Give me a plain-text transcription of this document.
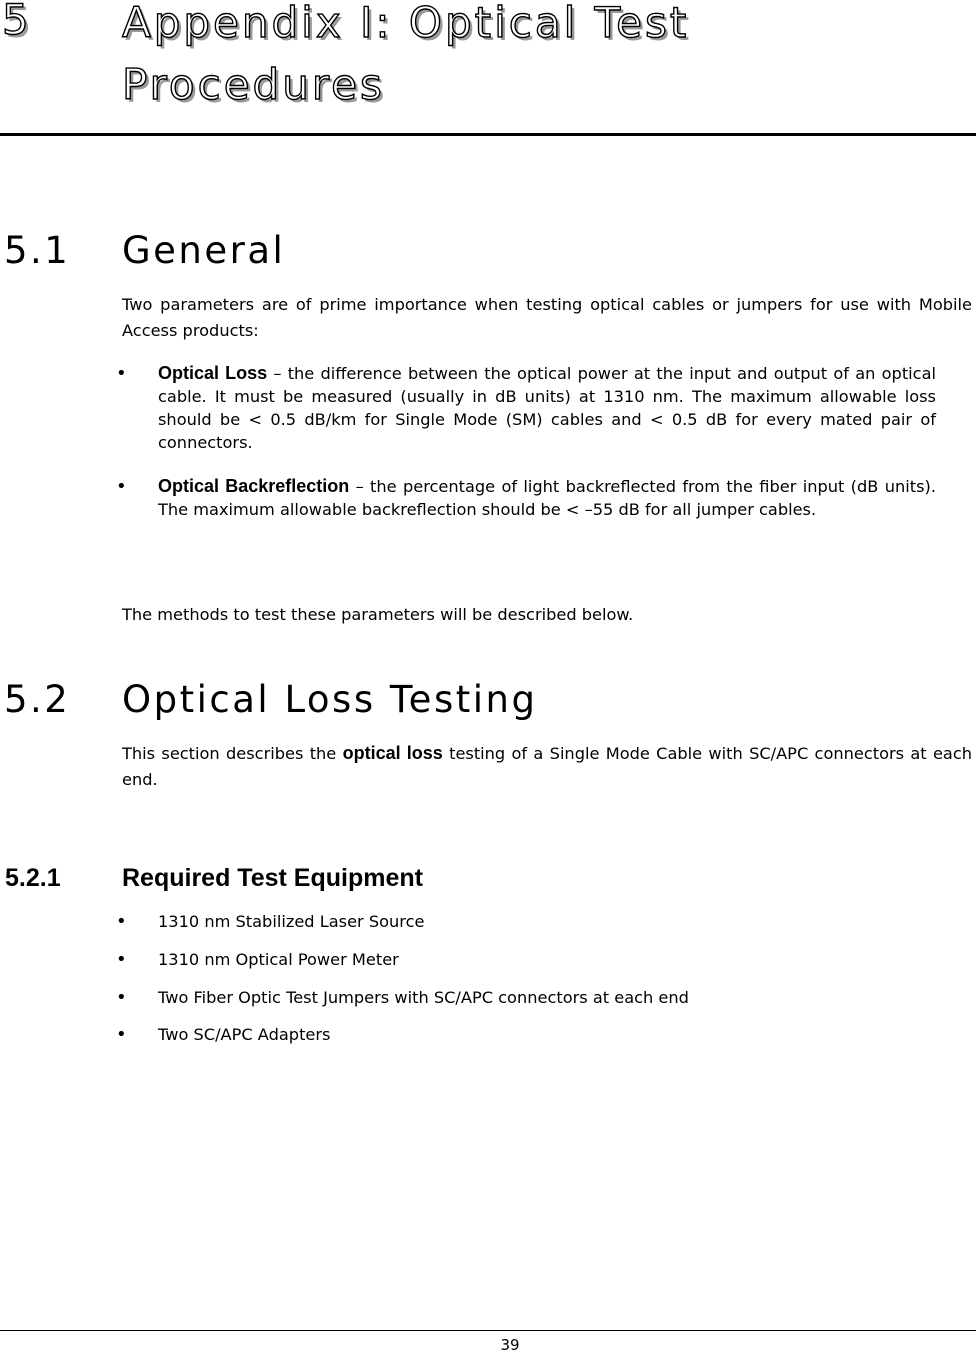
5 Appendix I: Optical Test Procedures
5.1 General

Two parameters are of prime importance when testing optical cables or jumpers for use with Mobile Access products:

• Optical Loss – the difference between the optical power at the input and output of an optical cable. It must be measured (usually in dB units) at 1310 nm. The maximum allowable loss should be < 0.5 dB/km for Single Mode (SM) cables and < 0.5 dB for every mated pair of connectors.

• Optical Backreflection – the percentage of light backreflected from the fiber input (dB units). The maximum allowable backreflection should be < –55 dB for all jumper cables.

The methods to test these parameters will be described below.

5.2 Optical Loss Testing

This section describes the optical loss testing of a Single Mode Cable with SC/APC connectors at each end.

5.2.1 Required Test Equipment
• 1310 nm Stabilized Laser Source
• 1310 nm Optical Power Meter
• Two Fiber Optic Test Jumpers with SC/APC connectors at each end
• Two SC/APC Adapters
39
